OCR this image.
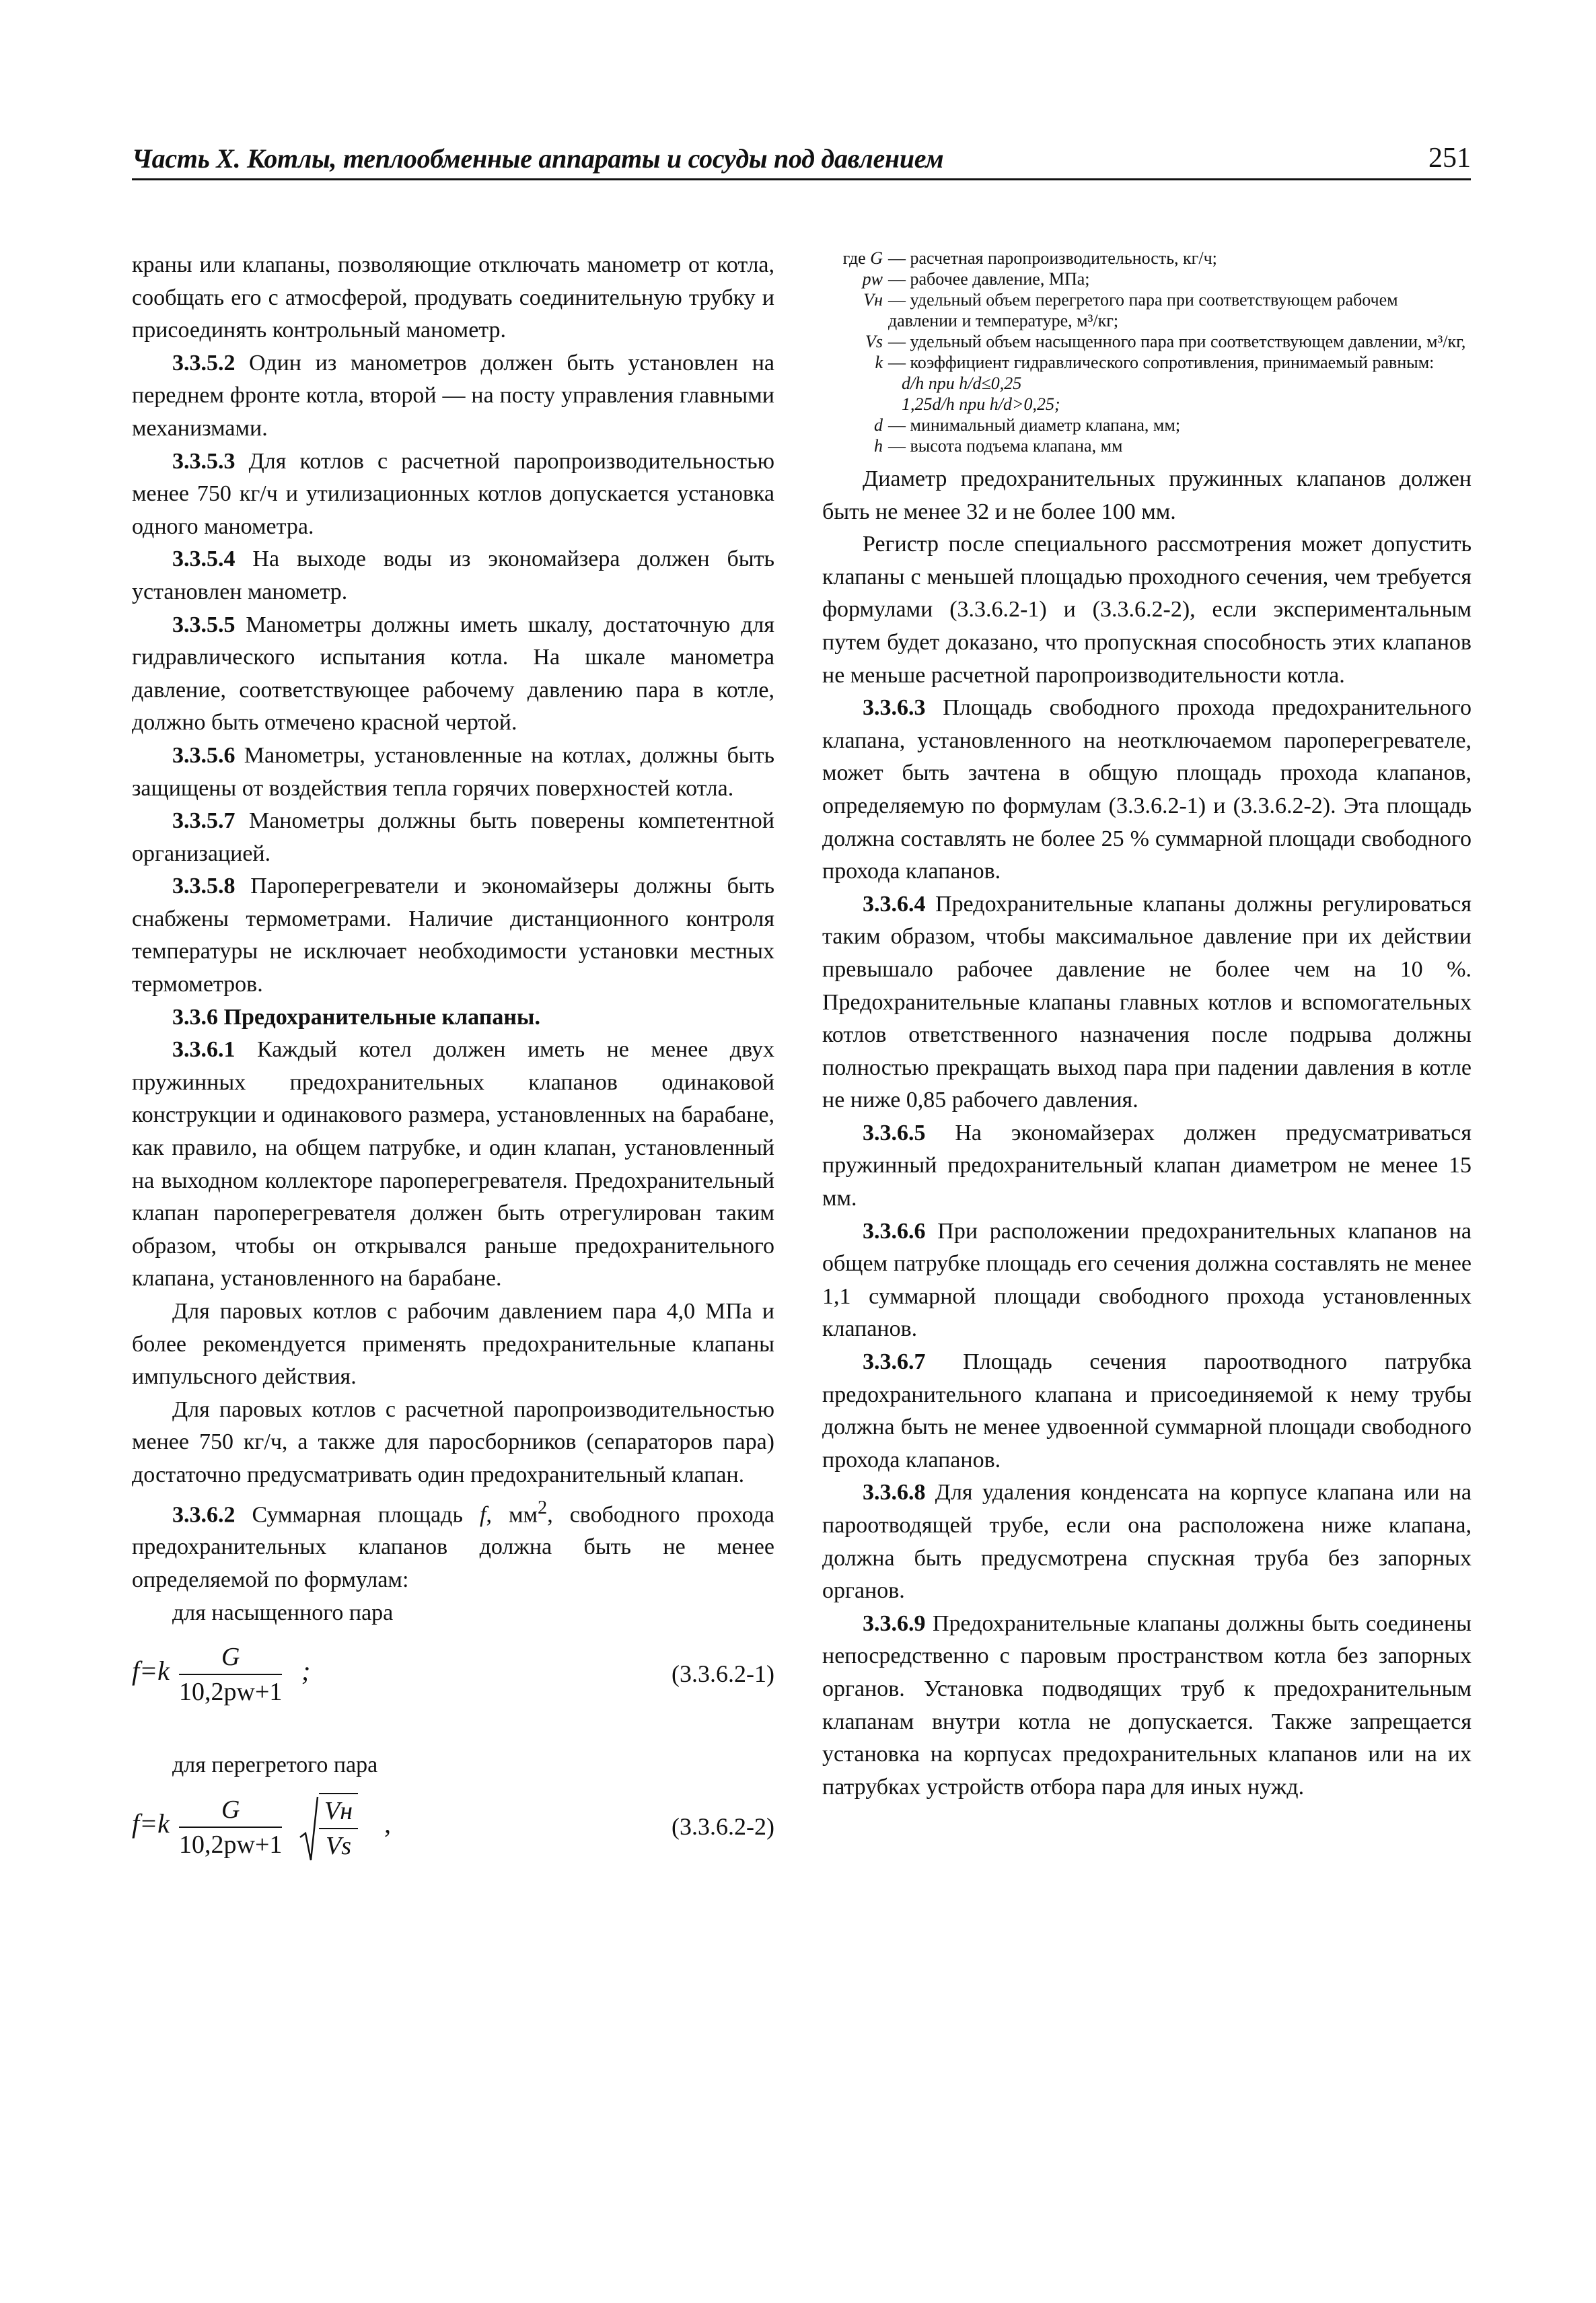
Часть X. Котлы, теплообменные аппараты и сосуды под давлением	251

краны или клапаны, позволяющие отключать манометр от котла, сообщать его с атмосферой, продувать соединительную трубку и присоединять контрольный манометр.

3.3.5.2 Один из манометров должен быть установлен на переднем фронте котла, второй — на посту управления главными механизмами.

3.3.5.3 Для котлов с расчетной паропроизводительностью менее 750 кг/ч и утилизационных котлов допускается установка одного манометра.

3.3.5.4 На выходе воды из экономайзера должен быть установлен манометр.

3.3.5.5 Манометры должны иметь шкалу, достаточную для гидравлического испытания котла. На шкале манометра давление, соответствующее рабочему давлению пара в котле, должно быть отмечено красной чертой.

3.3.5.6 Манометры, установленные на котлах, должны быть защищены от воздействия тепла горячих поверхностей котла.

3.3.5.7 Манометры должны быть поверены компетентной организацией.

3.3.5.8 Пароперегреватели и экономайзеры должны быть снабжены термометрами. Наличие дистанционного контроля температуры не исключает необходимости установки местных термометров.

3.3.6 Предохранительные клапаны.

3.3.6.1 Каждый котел должен иметь не менее двух пружинных предохранительных клапанов одинаковой конструкции и одинакового размера, установленных на барабане, как правило, на общем патрубке, и один клапан, установленный на выходном коллекторе пароперегревателя. Предохранительный клапан пароперегревателя должен быть отрегулирован таким образом, чтобы он открывался раньше предохранительного клапана, установленного на барабане.

Для паровых котлов с рабочим давлением пара 4,0 МПа и более рекомендуется применять предохранительные клапаны импульсного действия.

Для паровых котлов с расчетной паропроизводительностью менее 750 кг/ч, а также для паросборников (сепараторов пара) достаточно предусматривать один предохранительный клапан.

3.3.6.2 Суммарная площадь f, $мм^2$, свободного прохода предохранительных клапанов должна быть не менее определяемой по формулам:

для насыщенного пара

$f=k \frac{G}{10,2pw+1}$ ;	(3.3.6.2-1)

для перегретого пара

$f=k \frac{G}{10,2pw+1}$ Vн
Vs
,	(3.3.6.2-2)
где G — расчетная паропроизводительность, кг/ч;
pw — рабочее давление, МПа;
Vн — удельный объем перегретого пара при соответствующем рабочем давлении и температуре, м³/кг;
Vs — удельный объем насыщенного пара при соответствующем давлении, м³/кг,
k — коэффициент гидравлического сопротивления, принимаемый равным:
d/h при h/d≤0,25
1,25d/h при h/d>0,25;
d — минимальный диаметр клапана, мм;
h — высота подъема клапана, мм

Диаметр предохранительных пружинных клапанов должен быть не менее 32 и не более 100 мм.

Регистр после специального рассмотрения может допустить клапаны с меньшей площадью проходного сечения, чем требуется формулами (3.3.6.2-1) и (3.3.6.2-2), если экспериментальным путем будет доказано, что пропускная способность этих клапанов не меньше расчетной паропроизводительности котла.

3.3.6.3 Площадь свободного прохода предохранительного клапана, установленного на неотключаемом пароперегревателе, может быть зачтена в общую площадь прохода клапанов, определяемую по формулам (3.3.6.2-1) и (3.3.6.2-2). Эта площадь должна составлять не более 25 % суммарной площади свободного прохода клапанов.

3.3.6.4 Предохранительные клапаны должны регулироваться таким образом, чтобы максимальное давление при их действии превышало рабочее давление не более чем на 10 %. Предохранительные клапаны главных котлов и вспомогательных котлов ответственного назначения после подрыва должны полностью прекращать выход пара при падении давления в котле не ниже 0,85 рабочего давления.

3.3.6.5 На экономайзерах должен предусматриваться пружинный предохранительный клапан диаметром не менее 15 мм.

3.3.6.6 При расположении предохранительных клапанов на общем патрубке площадь его сечения должна составлять не менее 1,1 суммарной площади свободного прохода установленных клапанов.

3.3.6.7 Площадь сечения пароотводного патрубка предохранительного клапана и присоединяемой к нему трубы должна быть не менее удвоенной суммарной площади свободного прохода клапанов.

3.3.6.8 Для удаления конденсата на корпусе клапана или на пароотводящей трубе, если она расположена ниже клапана, должна быть предусмотрена спускная труба без запорных органов.

3.3.6.9 Предохранительные клапаны должны быть соединены непосредственно с паровым пространством котла без запорных органов. Установка подводящих труб к предохранительным клапанам внутри котла не допускается. Также запрещается установка на корпусах предохранительных клапанов или на их патрубках устройств отбора пара для иных нужд.
